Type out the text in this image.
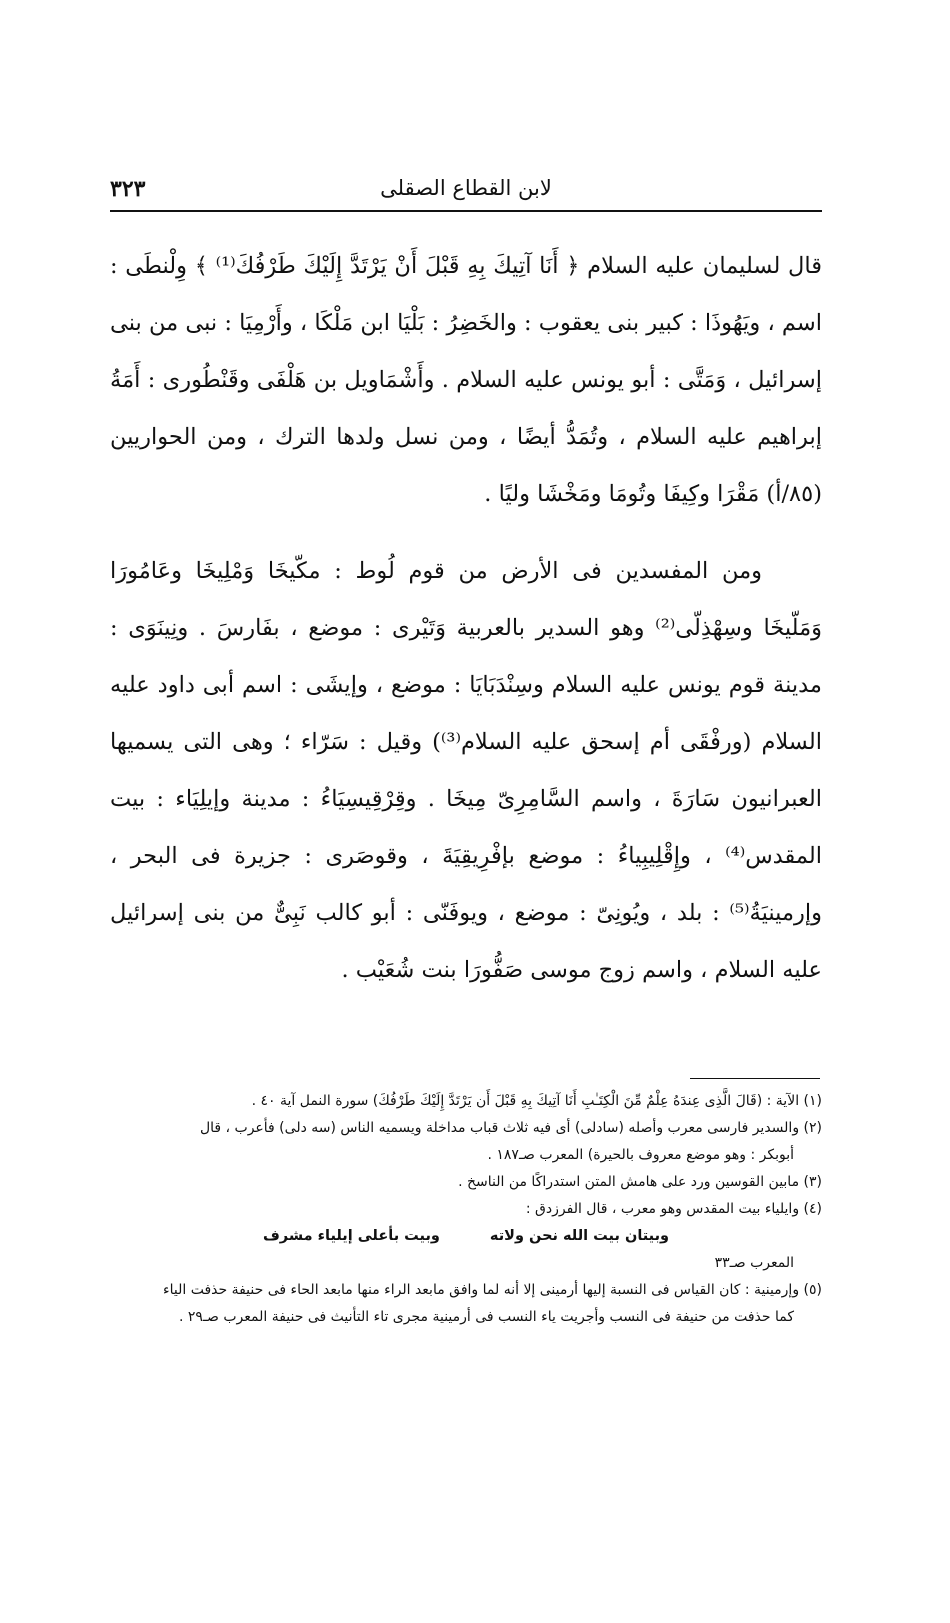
لابن القطاع الصقلى
٣٢٣

قال لسليمان عليه السلام ﴿ أَنَا آتِيكَ بِهِ قَبْلَ أَنْ يَرْتَدَّ إِلَيْكَ طَرْفُكَ⁽¹⁾ ﴾ وِلْنطَى : اسم ، ويَهُوذَا : كبير بنى يعقوب : والخَضِرُ : بَلْيَا ابن مَلْكَا ، وأَرْمِيَا : نبى من بنى إسرائيل ، وَمَتَّى : أبو يونس عليه السلام . وأَشْمَاويل بن هَلْفَى وقَنْطُورى : أَمَةُ إبراهيم عليه السلام ، وتُمَدُّ أيضًا ، ومن نسل ولدها الترك ، ومن الحواريين (٨٥/أ) مَقْرَا وكِيفَا وتُومَا ومَخْشَا وليًا .

ومن المفسدين فى الأرض من قوم لُوط : مكّيخَا وَمْلِيخَا وعَامُورَا وَمَلّيخَا وسِهْذِلّى⁽²⁾ وهو السدير بالعربية وَتَيْرى : موضع ، بفَارسَ . ونِينَوَى : مدينة قوم يونس عليه السلام وسِنْدَبَايَا : موضع ، وإيشَى : اسم أبى داود عليه السلام (ورفْقَى أم إسحق عليه السلام⁽³⁾) وقيل : سَرّاء ؛ وهى التى يسميها العبرانيون سَارَةَ ، واسم السَّامِرِىّ مِيخَا . وقِرْقِيسِيَاءُ : مدينة وإيلِيَاء : بيت المقدس⁽⁴⁾ ، وإِقْلِيبِياءُ : موضع بإفْرِيقِيَةَ ، وقوصَرى : جزيرة فى البحر ، وإرمينيَةُ⁽⁵⁾ : بلد ، ويُونِىّ : موضع ، ويوفَنّى : أبو كالب نَبِىٌّ من بنى إسرائيل عليه السلام ، واسم زوج موسى صَفُّورَا بنت شُعَيْب .

(١) الآية : (قَالَ الَّذِى عِندَهُ عِلْمٌ مِّنَ الْكِتَـٰبِ أَنَا آتِيكَ بِهِ قَبْلَ أَن يَرْتَدَّ إِلَيْكَ طَرْفُكَ) سورة النمل آية ٤٠ .

(٢) والسدير فارسى معرب وأصله (سادلى) أى فيه ثلاث قباب مداخلة ويسميه الناس (سه دلى) فأعرب ، قال

أبوبكر : وهو موضع معروف بالحيرة) المعرب صـ١٨٧ .

(٣) مابين القوسين ورد على هامش المتن استدراكًا من الناسخ .

(٤) وايلياء بيت المقدس وهو معرب ، قال الفرزدق :

وبيتان بيت الله نحن ولاته
وبيت بأعلى إيلياء مشرف

المعرب صـ٣٣

(٥) وإرمينية : كان القياس فى النسبة إليها أرمينى إلا أنه لما وافق مابعد الراء منها مابعد الحاء فى حنيفة حذفت الياء

كما حذفت من حنيفة فى النسب وأجريت ياء النسب فى أرمينية مجرى تاء التأنيث فى حنيفة المعرب صـ٢٩ .
